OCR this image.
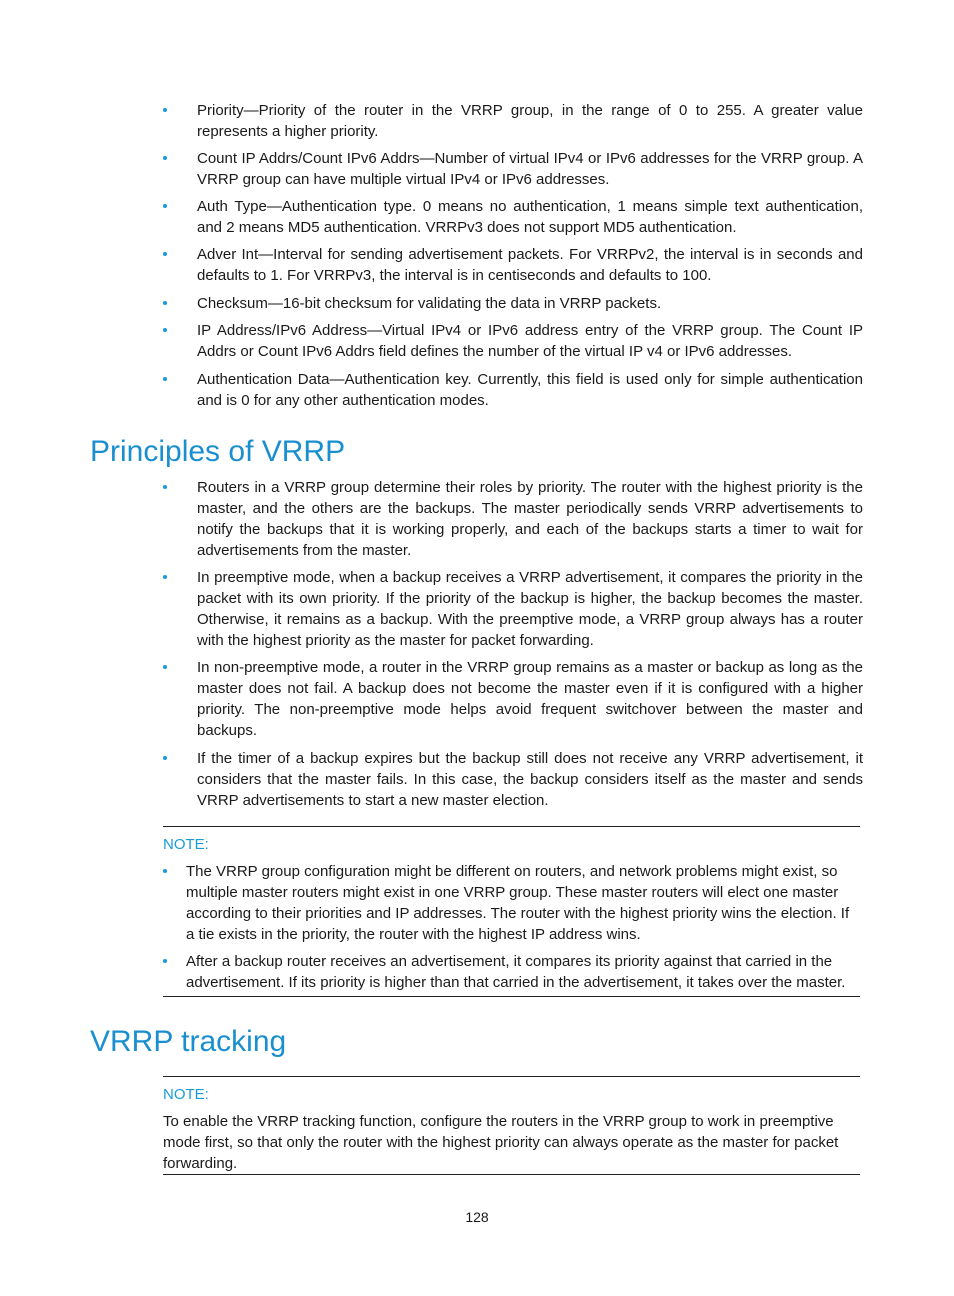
Priority—Priority of the router in the VRRP group, in the range of 0 to 255. A greater value represents a higher priority.
Count IP Addrs/Count IPv6 Addrs—Number of virtual IPv4 or IPv6 addresses for the VRRP group. A VRRP group can have multiple virtual IPv4 or IPv6 addresses.
Auth Type—Authentication type. 0 means no authentication, 1 means simple text authentication, and 2 means MD5 authentication. VRRPv3 does not support MD5 authentication.
Adver Int—Interval for sending advertisement packets. For VRRPv2, the interval is in seconds and defaults to 1. For VRRPv3, the interval is in centiseconds and defaults to 100.
Checksum—16-bit checksum for validating the data in VRRP packets.
IP Address/IPv6 Address—Virtual IPv4 or IPv6 address entry of the VRRP group. The Count IP Addrs or Count IPv6 Addrs field defines the number of the virtual IP v4 or IPv6 addresses.
Authentication Data—Authentication key. Currently, this field is used only for simple authentication and is 0 for any other authentication modes.
Principles of VRRP
Routers in a VRRP group determine their roles by priority. The router with the highest priority is the master, and the others are the backups. The master periodically sends VRRP advertisements to notify the backups that it is working properly, and each of the backups starts a timer to wait for advertisements from the master.
In preemptive mode, when a backup receives a VRRP advertisement, it compares the priority in the packet with its own priority. If the priority of the backup is higher, the backup becomes the master. Otherwise, it remains as a backup. With the preemptive mode, a VRRP group always has a router with the highest priority as the master for packet forwarding.
In non-preemptive mode, a router in the VRRP group remains as a master or backup as long as the master does not fail. A backup does not become the master even if it is configured with a higher priority. The non-preemptive mode helps avoid frequent switchover between the master and backups.
If the timer of a backup expires but the backup still does not receive any VRRP advertisement, it considers that the master fails. In this case, the backup considers itself as the master and sends VRRP advertisements to start a new master election.
NOTE:
The VRRP group configuration might be different on routers, and network problems might exist, so multiple master routers might exist in one VRRP group. These master routers will elect one master according to their priorities and IP addresses. The router with the highest priority wins the election. If a tie exists in the priority, the router with the highest IP address wins.
After a backup router receives an advertisement, it compares its priority against that carried in the advertisement. If its priority is higher than that carried in the advertisement, it takes over the master.
VRRP tracking
NOTE:
To enable the VRRP tracking function, configure the routers in the VRRP group to work in preemptive mode first, so that only the router with the highest priority can always operate as the master for packet forwarding.
128
